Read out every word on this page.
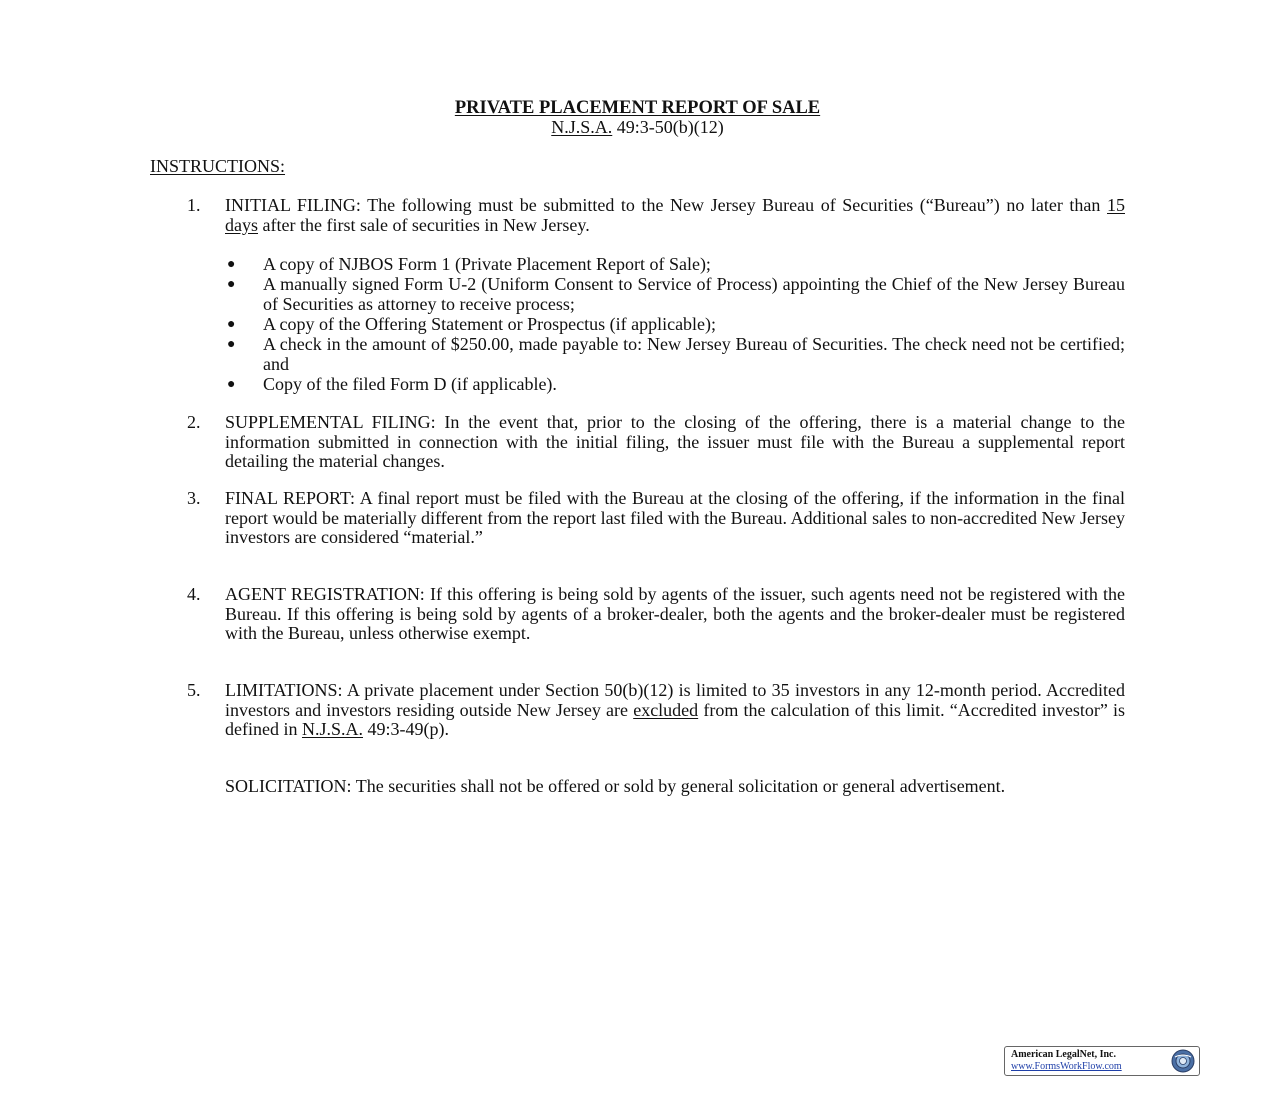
PRIVATE PLACEMENT REPORT OF SALE
N.J.S.A. 49:3-50(b)(12)
INSTRUCTIONS:
1.	INITIAL FILING: The following must be submitted to the New Jersey Bureau of Securities (“Bureau”) no later than 15 days after the first sale of securities in New Jersey.
● A copy of NJBOS Form 1 (Private Placement Report of Sale);
● A manually signed Form U-2 (Uniform Consent to Service of Process) appointing the Chief of the New Jersey Bureau of Securities as attorney to receive process;
● A copy of the Offering Statement or Prospectus (if applicable);
● A check in the amount of $250.00, made payable to: New Jersey Bureau of Securities. The check need not be certified; and
● Copy of the filed Form D (if applicable).
2.	SUPPLEMENTAL FILING: In the event that, prior to the closing of the offering, there is a material change to the information submitted in connection with the initial filing, the issuer must file with the Bureau a supplemental report detailing the material changes.
3.	FINAL REPORT: A final report must be filed with the Bureau at the closing of the offering, if the information in the final report would be materially different from the report last filed with the Bureau. Additional sales to non-accredited New Jersey investors are considered “material.”
4.	AGENT REGISTRATION: If this offering is being sold by agents of the issuer, such agents need not be registered with the Bureau. If this offering is being sold by agents of a broker-dealer, both the agents and the broker-dealer must be registered with the Bureau, unless otherwise exempt.
5.	LIMITATIONS: A private placement under Section 50(b)(12) is limited to 35 investors in any 12-month period. Accredited investors and investors residing outside New Jersey are excluded from the calculation of this limit. “Accredited investor” is defined in N.J.S.A. 49:3-49(p).
SOLICITATION: The securities shall not be offered or sold by general solicitation or general advertisement.
American LegalNet, Inc.
www.FormsWorkFlow.com
